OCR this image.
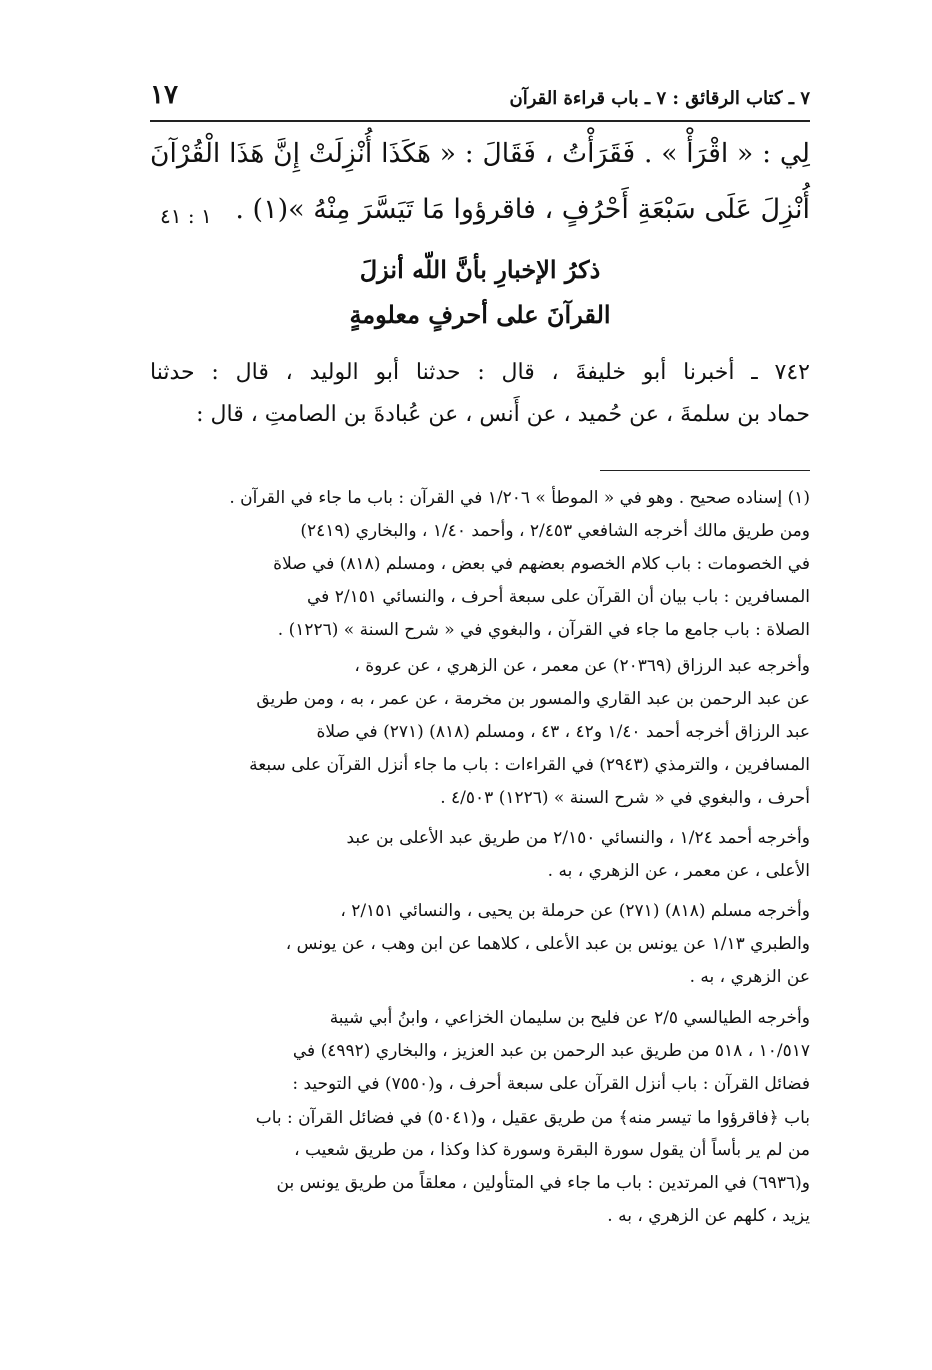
١٧	٧ ـ كتاب الرقائق : ٧ ـ باب قراءة القرآن
لِي : « اقْرَأْ » . فَقَرَأْتُ ، فَقَالَ : « هَكَذَا أُنْزِلَتْ إِنَّ هَذَا الْقُرْآنَ
أُنْزِلَ عَلَى سَبْعَةِ أَحْرُفٍ ، فاقرؤوا مَا تَيَسَّرَ مِنْهُ »(١) .
١ : ٤١
ذكرُ الإخبارِ بأنَّ اللّه أنزلَ
القرآنَ على أحرفٍ معلومةٍ
٧٤٢ ـ أخبرنا أبو خليفةَ ، قال : حدثنا أبو الوليد ، قال : حدثنا
حماد بن سلمةَ ، عن حُميد ، عن أَنس ، عن عُبادةَ بن الصامتِ ، قال :
(١) إسناده صحيح . وهو في « الموطأ » ١/٢٠٦ في القرآن : باب ما جاء في القرآن .
ومن طريق مالك أخرجه الشافعي ٢/٤٥٣ ، وأحمد ١/٤٠ ، والبخاري (٢٤١٩)
في الخصومات : باب كلام الخصوم بعضهم في بعض ، ومسلم (٨١٨) في صلاة
المسافرين : باب بيان أن القرآن على سبعة أحرف ، والنسائي ٢/١٥١ في
الصلاة : باب جامع ما جاء في القرآن ، والبغوي في « شرح السنة » (١٢٢٦) .
وأخرجه عبد الرزاق (٢٠٣٦٩) عن معمر ، عن الزهري ، عن عروة ،
عن عبد الرحمن بن عبد القاري والمسور بن مخرمة ، عن عمر ، به ، ومن طريق
عبد الرزاق أخرجه أحمد ١/٤٠ و٤٢ ، ٤٣ ، ومسلم (٨١٨) (٢٧١) في صلاة
المسافرين ، والترمذي (٢٩٤٣) في القراءات : باب ما جاء أنزل القرآن على سبعة
أحرف ، والبغوي في « شرح السنة » (١٢٢٦) ٤/٥٠٣ .
وأخرجه أحمد ١/٢٤ ، والنسائي ٢/١٥٠ من طريق عبد الأعلى بن عبد
الأعلى ، عن معمر ، عن الزهري ، به .
وأخرجه مسلم (٨١٨) (٢٧١) عن حرملة بن يحيى ، والنسائي ٢/١٥١ ،
والطبري ١/١٣ عن يونس بن عبد الأعلى ، كلاهما عن ابن وهب ، عن يونس ،
عن الزهري ، به .
وأخرجه الطيالسي ٢/٥ عن فليح بن سليمان الخزاعي ، وابنُ أبي شيبة
١٠/٥١٧ ، ٥١٨ من طريق عبد الرحمن بن عبد العزيز ، والبخاري (٤٩٩٢) في
فضائل القرآن : باب أنزل القرآن على سبعة أحرف ، و(٧٥٥٠) في التوحيد :
باب ﴿فاقرؤوا ما تيسر منه﴾ من طريق عقيل ، و(٥٠٤١) في فضائل القرآن : باب
من لم ير بأساً أن يقول سورة البقرة وسورة كذا وكذا ، من طريق شعيب ،
و(٦٩٣٦) في المرتدين : باب ما جاء في المتأولين ، معلقاً من طريق يونس بن
يزيد ، كلهم عن الزهري ، به .
